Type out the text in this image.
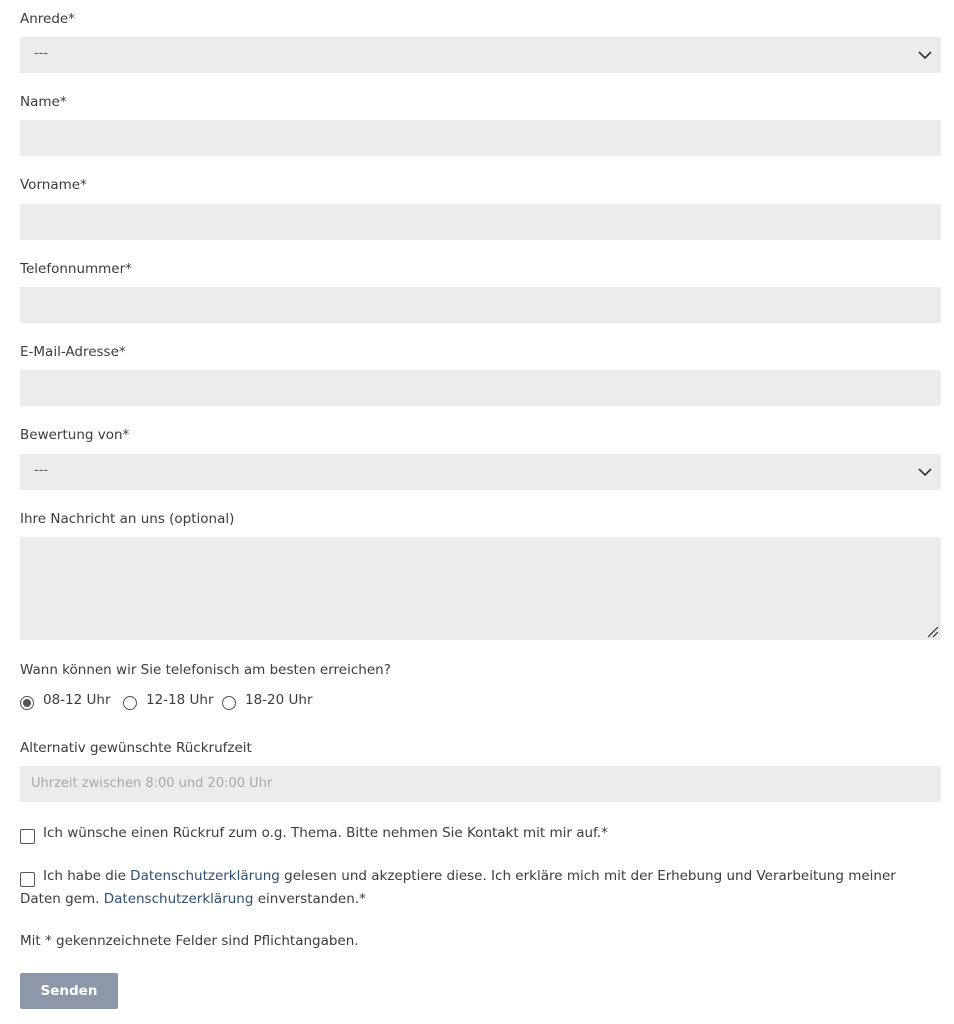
Anrede*
---
Name*
Vorname*
Telefonnummer*
E-Mail-Adresse*
Bewertung von*
---
Ihre Nachricht an uns (optional)
Wann können wir Sie telefonisch am besten erreichen?
08-12 Uhr	12-18 Uhr 18-20 Uhr
Alternativ gewünschte Rückrufzeit
Uhrzeit zwischen 8:00 und 20:00 Uhr
Ich wünsche einen Rückruf zum o.g. Thema. Bitte nehmen Sie Kontakt mit mir auf.*
Ich habe die Datenschutzerklärung gelesen und akzeptiere diese. Ich erkläre mich mit der Erhebung und Verarbeitung meiner Daten gem. Datenschutzerklärung einverstanden.*
Mit * gekennzeichnete Felder sind Pflichtangaben.
Senden
